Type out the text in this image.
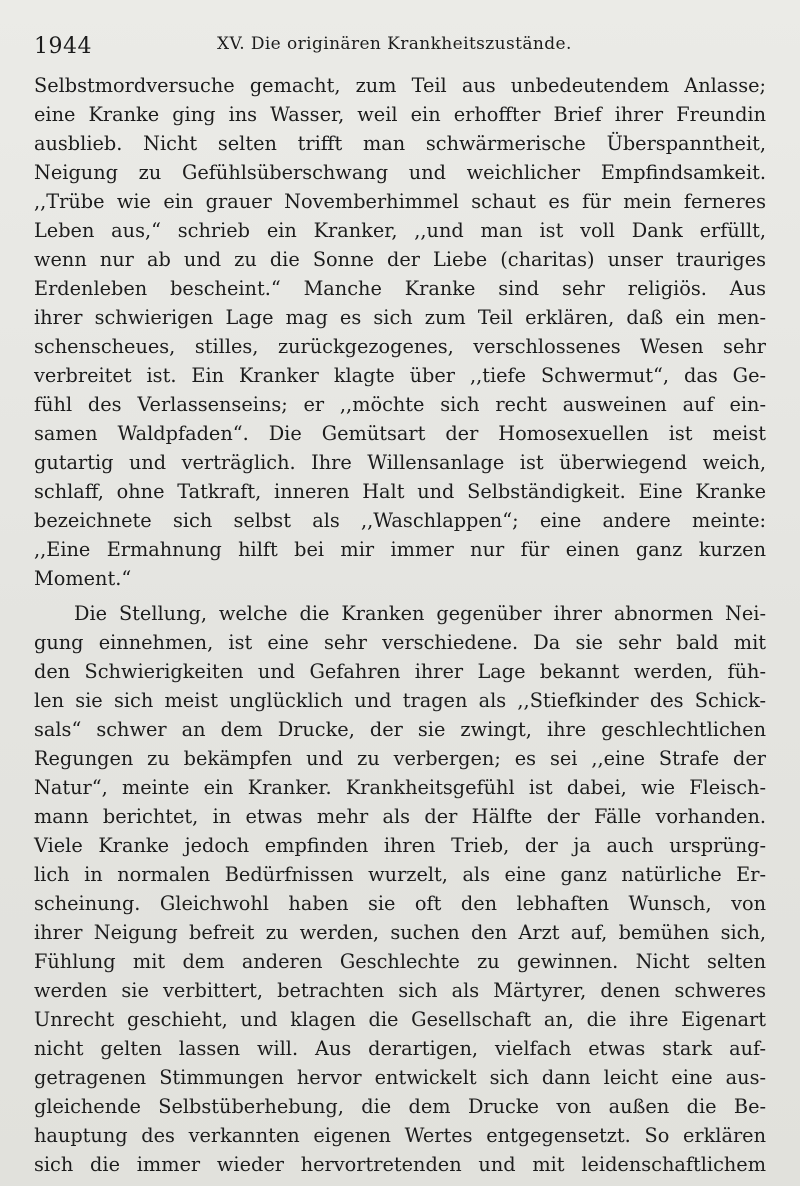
1944	XV. Die originären Krankheitszustände.

Selbstmordversuche gemacht, zum Teil aus unbedeutendem Anlasse;
eine Kranke ging ins Wasser, weil ein erhoffter Brief ihrer Freundin
ausblieb. Nicht selten trifft man schwärmerische Überspanntheit,
Neigung zu Gefühlsüberschwang und weichlicher Empfindsamkeit.
,,Trübe wie ein grauer Novemberhimmel schaut es für mein ferneres
Leben aus,“ schrieb ein Kranker, ,,und man ist voll Dank erfüllt,
wenn nur ab und zu die Sonne der Liebe (charitas) unser trauriges
Erdenleben bescheint.“ Manche Kranke sind sehr religiös. Aus
ihrer schwierigen Lage mag es sich zum Teil erklären, daß ein men-
schenscheues, stilles, zurückgezogenes, verschlossenes Wesen sehr
verbreitet ist. Ein Kranker klagte über ,,tiefe Schwermut“, das Ge-
fühl des Verlassenseins; er ,,möchte sich recht ausweinen auf ein-
samen Waldpfaden“. Die Gemütsart der Homosexuellen ist meist
gutartig und verträglich. Ihre Willensanlage ist überwiegend weich,
schlaff, ohne Tatkraft, inneren Halt und Selbständigkeit. Eine Kranke
bezeichnete sich selbst als ,,Waschlappen“; eine andere meinte:
,,Eine Ermahnung hilft bei mir immer nur für einen ganz kurzen
Moment.“

Die Stellung, welche die Kranken gegenüber ihrer abnormen Nei-
gung einnehmen, ist eine sehr verschiedene. Da sie sehr bald mit
den Schwierigkeiten und Gefahren ihrer Lage bekannt werden, füh-
len sie sich meist unglücklich und tragen als ,,Stiefkinder des Schick-
sals“ schwer an dem Drucke, der sie zwingt, ihre geschlechtlichen
Regungen zu bekämpfen und zu verbergen; es sei ,,eine Strafe der
Natur“, meinte ein Kranker. Krankheitsgefühl ist dabei, wie Fleisch-
mann berichtet, in etwas mehr als der Hälfte der Fälle vorhanden.
Viele Kranke jedoch empfinden ihren Trieb, der ja auch ursprüng-
lich in normalen Bedürfnissen wurzelt, als eine ganz natürliche Er-
scheinung. Gleichwohl haben sie oft den lebhaften Wunsch, von
ihrer Neigung befreit zu werden, suchen den Arzt auf, bemühen sich,
Fühlung mit dem anderen Geschlechte zu gewinnen. Nicht selten
werden sie verbittert, betrachten sich als Märtyrer, denen schweres
Unrecht geschieht, und klagen die Gesellschaft an, die ihre Eigenart
nicht gelten lassen will. Aus derartigen, vielfach etwas stark auf-
getragenen Stimmungen hervor entwickelt sich dann leicht eine aus-
gleichende Selbstüberhebung, die dem Drucke von außen die Be-
hauptung des verkannten eigenen Wertes entgegensetzt. So erklären
sich die immer wieder hervortretenden und mit leidenschaftlichem
